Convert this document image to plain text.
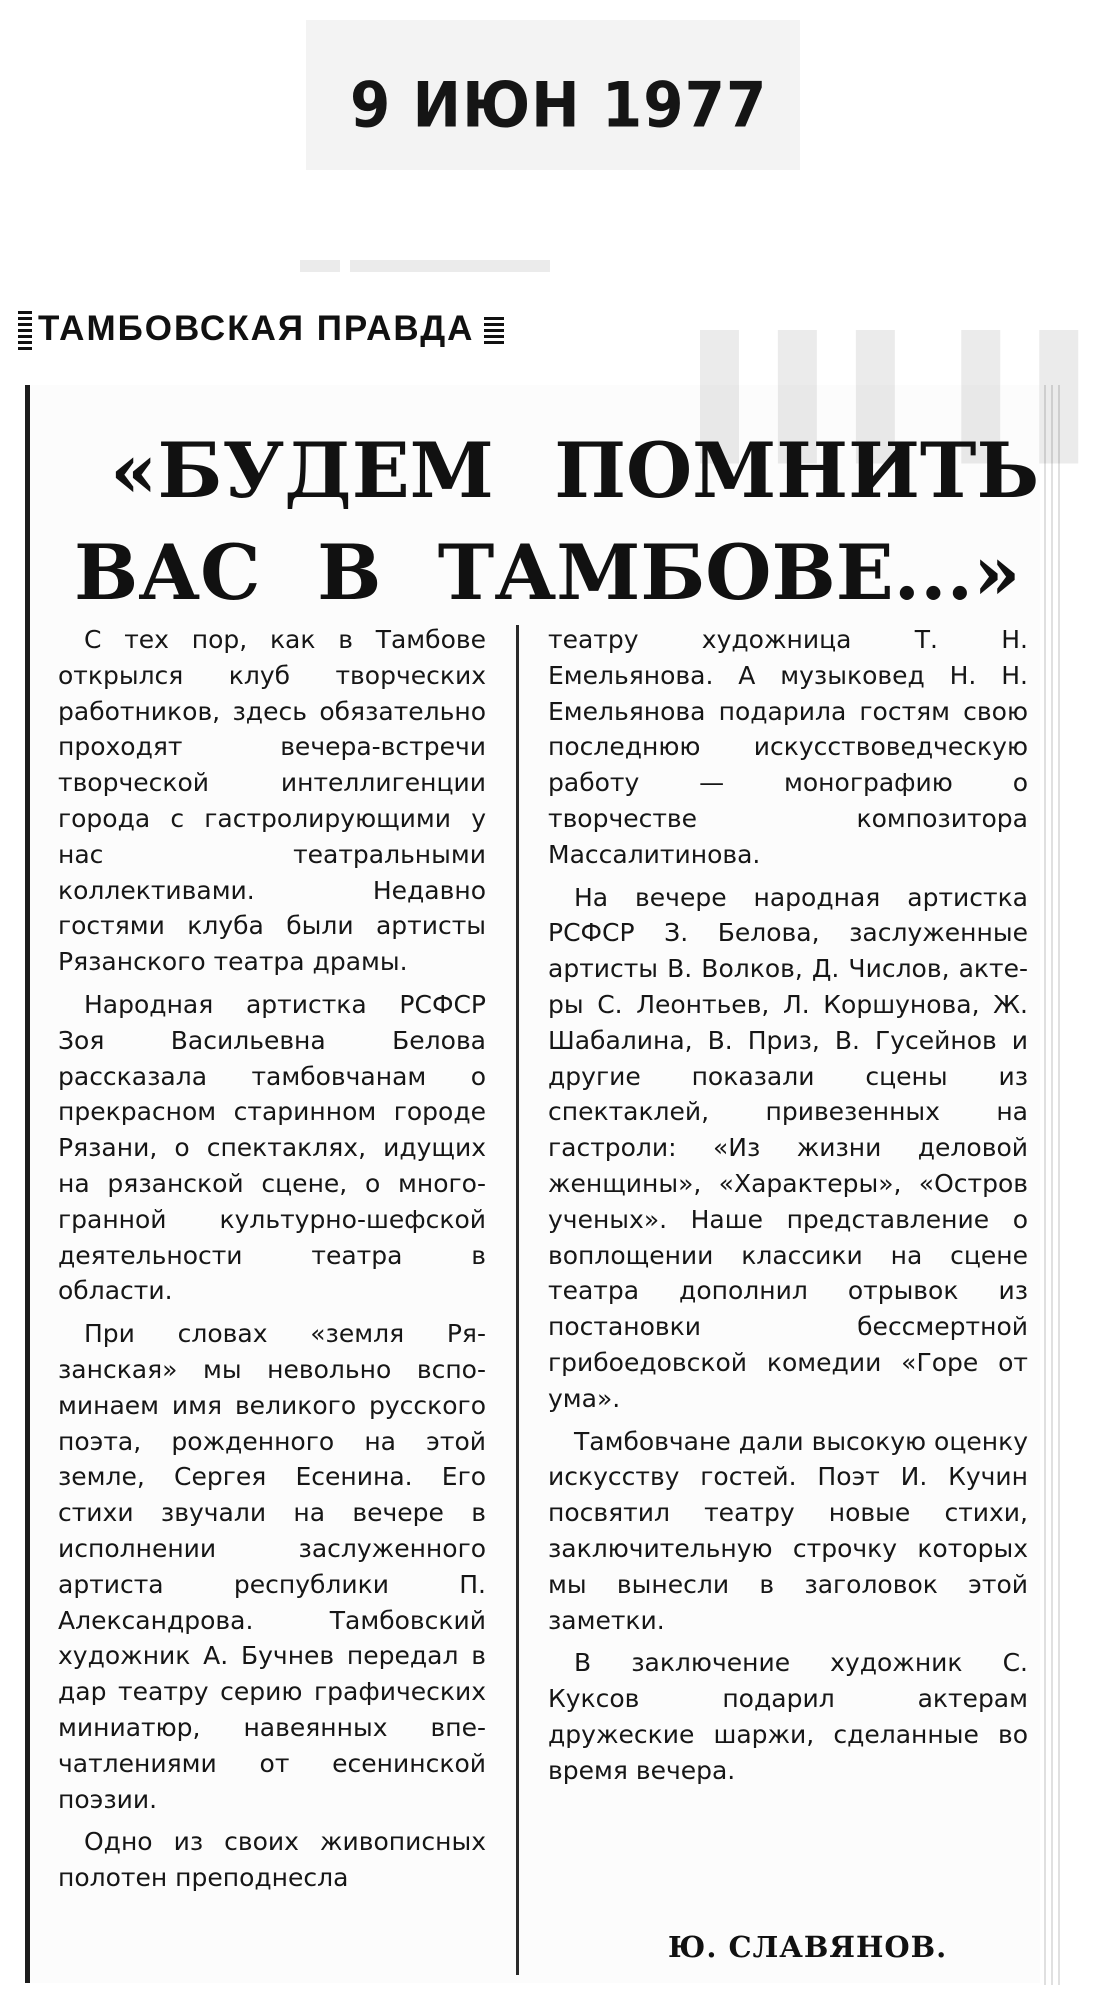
9 ИЮН 1977
▬ ▬▬▬▬▬
ТАМБОВСКАЯ ПРАВДА
«БУДЕМ ПОМНИТЬ
ВАС В ТАМБОВЕ...»

С тех пор, как в Тамбове открылся клуб творческих работников, здесь обязательно проходят вечера-встречи творческой интеллигенции города с гастролирующими у нас театральными коллективами. Недавно гостями клуба были артисты Рязанского театра драмы.

Народная артистка РСФСР Зоя Васильевна Белова рассказала тамбовчанам о прекрасном старинном городе Рязани, о спектаклях, идущих на рязанской сцене, о многогранной культурно-шефской деятельности театра в области.

При словах «земля Рязанская» мы невольно вспоминаем имя великого русского поэта, рожденного на этой земле, Сергея Есенина. Его стихи звучали на вечере в исполнении заслуженного артиста республики П. Александрова. Тамбовский художник А. Бучнев передал в дар театру серию графических миниатюр, навеянных впечатлениями от есенинской поэзии.

Одно из своих живописных полотен преподнесла

театру художница Т. Н. Емельянова. А музыковед Н. Н. Емельянова подарила гостям свою последнюю искусствоведческую работу — монографию о творчестве композитора Массалитинова.

На вечере народная артистка РСФСР З. Белова, заслуженные артисты В. Волков, Д. Числов, актеры С. Леонтьев, Л. Коршунова, Ж. Шабалина, В. Приз, В. Гусейнов и другие показали сцены из спектаклей, привезенных на гастроли: «Из жизни деловой женщины», «Характеры», «Остров ученых». Наше представление о воплощении классики на сцене театра дополнил отрывок из постановки бессмертной грибоедовской комедии «Горе от ума».

Тамбовчане дали высокую оценку искусству гостей. Поэт И. Кучин посвятил театру новые стихи, заключительную строчку которых мы вынесли в заголовок этой заметки.

В заключение художник С. Куксов подарил актерам дружеские шаржи, сделанные во время вечера.

Ю. СЛАВЯНОВ.
